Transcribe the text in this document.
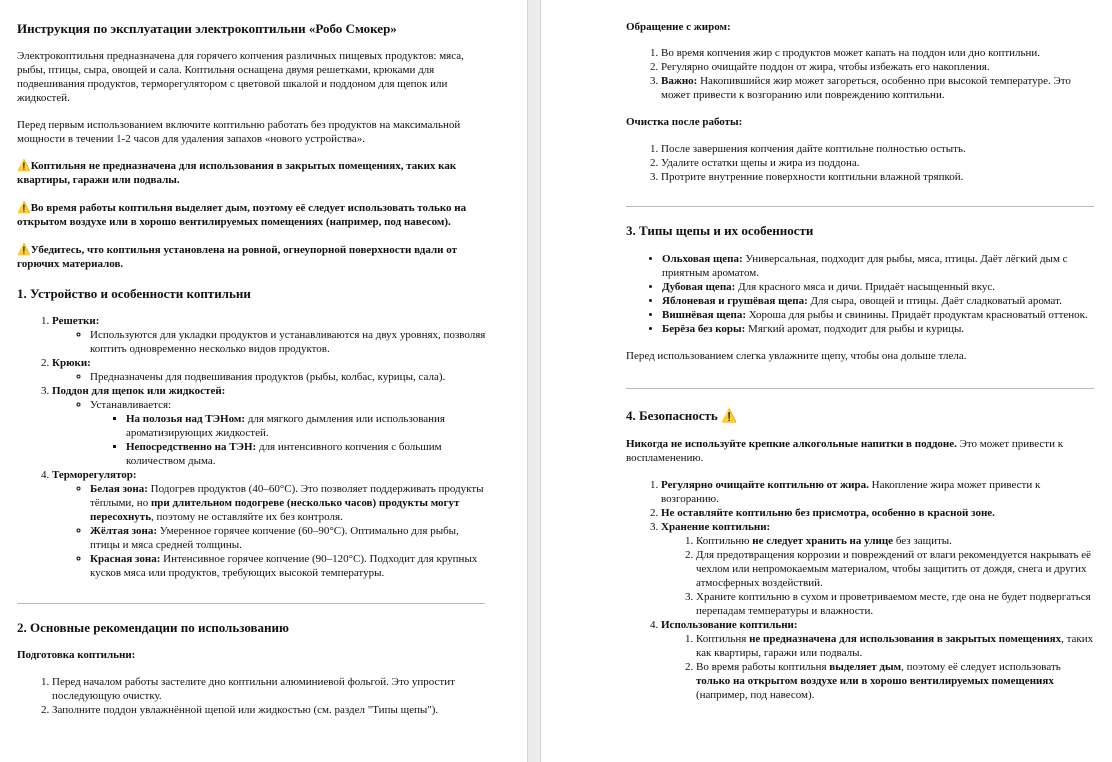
Инструкция по эксплуатации электрокоптильни «Робо Смокер»

Электрокоптильня предназначена для горячего копчения различных пищевых продуктов: мяса, рыбы, птицы, сыра, овощей и сала. Коптильня оснащена двумя решетками, крюками для подвешивания продуктов, терморегулятором с цветовой шкалой и поддоном для щепок или жидкостей.

Перед первым использованием включите коптильню работать без продуктов на максимальной мощности в течении 1-2 часов для удаления запахов «нового устройства».

⚠️Коптильня не предназначена для использования в закрытых помещениях, таких как квартиры, гаражи или подвалы.

⚠️Во время работы коптильня выделяет дым, поэтому её следует использовать только на открытом воздухе или в хорошо вентилируемых помещениях (например, под навесом).

⚠️Убедитесь, что коптильня установлена на ровной, огнеупорной поверхности вдали от горючих материалов.

1. Устройство и особенности коптильни
1. Решетки:
◦ Используются для укладки продуктов и устанавливаются на двух уровнях, позволяя коптить одновременно несколько видов продуктов.
2. Крюки:
◦ Предназначены для подвешивания продуктов (рыбы, колбас, курицы, сала).
3. Поддон для щепок или жидкостей:
◦ Устанавливается:
▪ На полозья над ТЭНом: для мягкого дымления или использования ароматизирующих жидкостей.
▪ Непосредственно на ТЭН: для интенсивного копчения с большим количеством дыма.
4. Терморегулятор:
◦ Белая зона: Подогрев продуктов (40–60°C). Это позволяет поддерживать продукты тёплыми, но при длительном подогреве (несколько часов) продукты могут пересохнуть, поэтому не оставляйте их без контроля.
◦ Жёлтая зона: Умеренное горячее копчение (60–90°C). Оптимально для рыбы, птицы и мяса средней толщины.
◦ Красная зона: Интенсивное горячее копчение (90–120°C). Подходит для крупных кусков мяса или продуктов, требующих высокой температуры.
2. Основные рекомендации по использованию

Подготовка коптильни:

1. Перед началом работы застелите дно коптильни алюминиевой фольгой. Это упростит последующую очистку.
2. Заполните поддон увлажнённой щепой или жидкостью (см. раздел "Типы щепы").

Обращение с жиром:

1. Во время копчения жир с продуктов может капать на поддон или дно коптильни.
2. Регулярно очищайте поддон от жира, чтобы избежать его накопления.
3. Важно: Накопившийся жир может загореться, особенно при высокой температуре. Это может привести к возгоранию или повреждению коптильни.

Очистка после работы:

1. После завершения копчения дайте коптильне полностью остыть.
2. Удалите остатки щепы и жира из поддона.
3. Протрите внутренние поверхности коптильни влажной тряпкой.
3. Типы щепы и их особенности
• Ольховая щепа: Универсальная, подходит для рыбы, мяса, птицы. Даёт лёгкий дым с приятным ароматом.
• Дубовая щепа: Для красного мяса и дичи. Придаёт насыщенный вкус.
• Яблоневая и грушёвая щепа: Для сыра, овощей и птицы. Даёт сладковатый аромат.
• Вишнёвая щепа: Хороша для рыбы и свинины. Придаёт продуктам красноватый оттенок.
• Берёза без коры: Мягкий аромат, подходит для рыбы и курицы.

Перед использованием слегка увлажните щепу, чтобы она дольше тлела.

4. Безопасность ⚠️

Никогда не используйте крепкие алкогольные напитки в поддоне. Это может привести к воспламенению.

1. Регулярно очищайте коптильню от жира. Накопление жира может привести к возгоранию.
2. Не оставляйте коптильню без присмотра, особенно в красной зоне.
3. Хранение коптильни:
1. Коптильню не следует хранить на улице без защиты.
2. Для предотвращения коррозии и повреждений от влаги рекомендуется накрывать её чехлом или непромокаемым материалом, чтобы защитить от дождя, снега и других атмосферных воздействий.
3. Храните коптильню в сухом и проветриваемом месте, где она не будет подвергаться перепадам температуры и влажности.
4. Использование коптильни:
1. Коптильня не предназначена для использования в закрытых помещениях, таких как квартиры, гаражи или подвалы.
2. Во время работы коптильня выделяет дым, поэтому её следует использовать только на открытом воздухе или в хорошо вентилируемых помещениях (например, под навесом).
